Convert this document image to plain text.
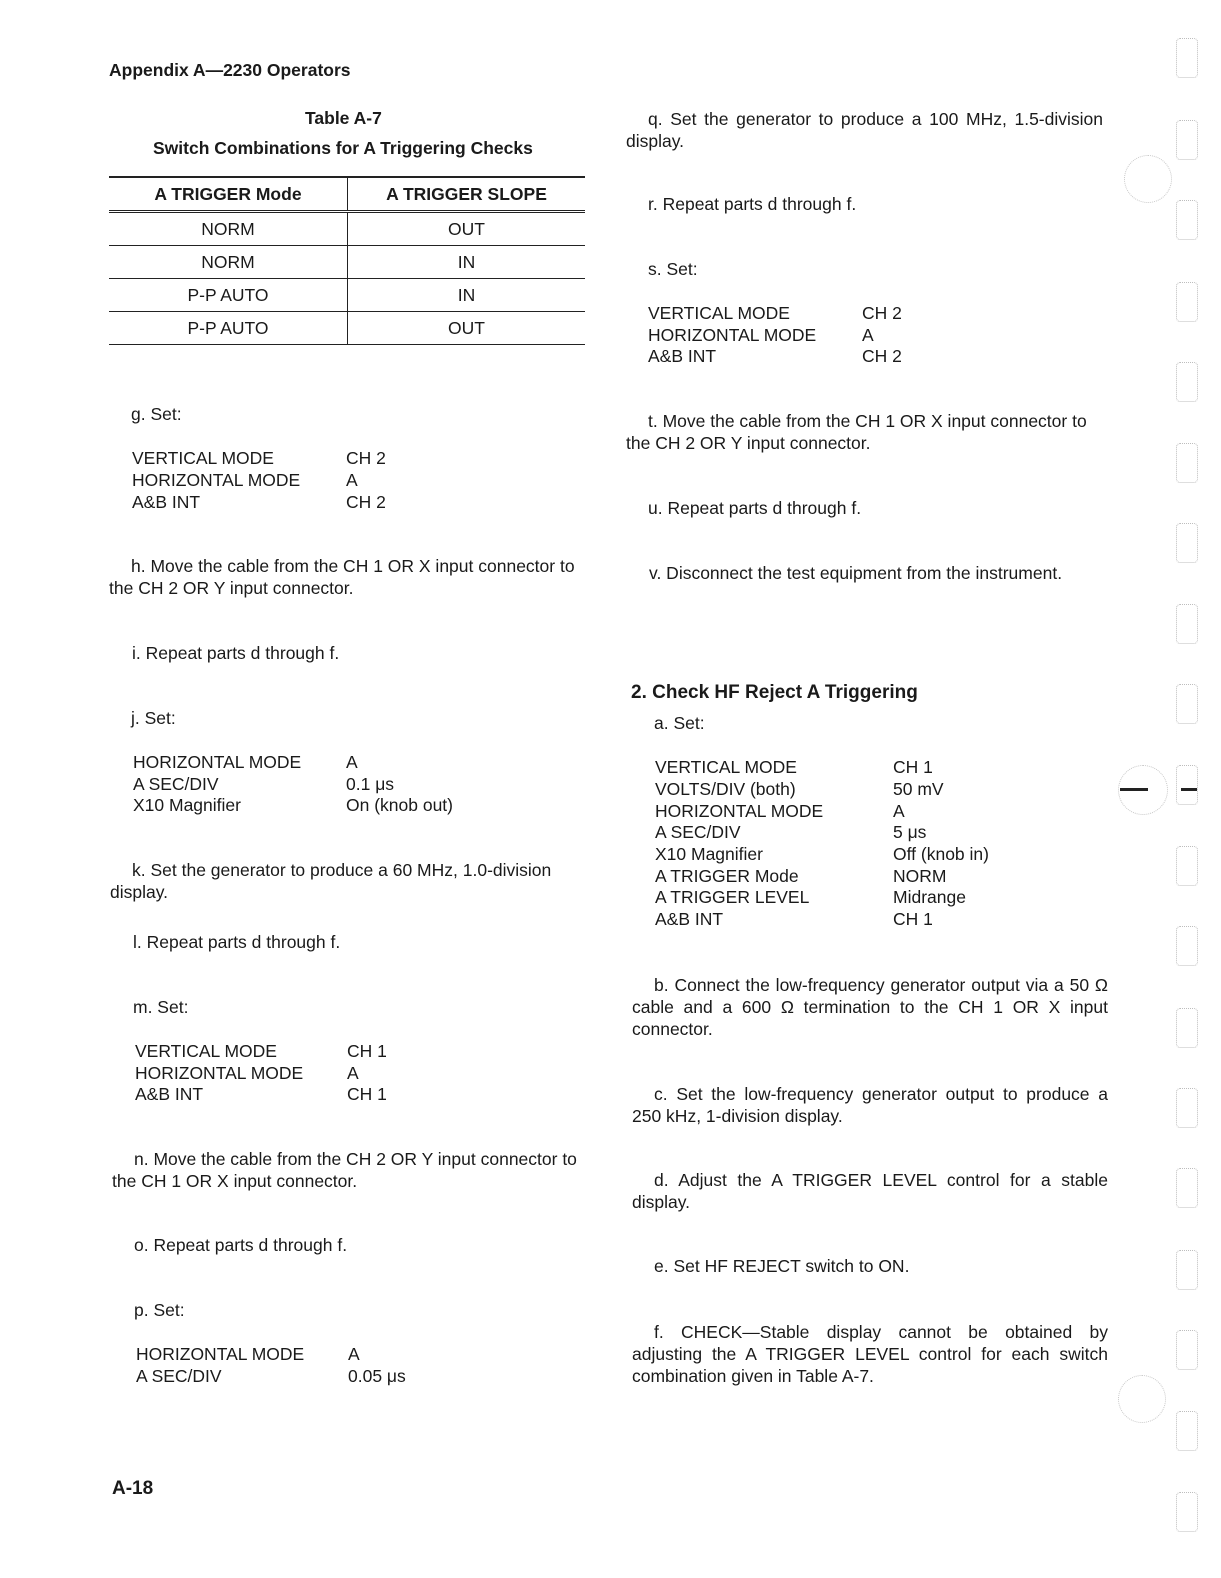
Appendix A—2230 Operators
Table A-7
Switch Combinations for A Triggering Checks
A TRIGGER Mode	A TRIGGER SLOPE
NORM	OUT
NORM	IN
P-P AUTO	IN
P-P AUTO	OUT
g. Set:
VERTICAL MODE	CH 2
HORIZONTAL MODE	A
A&B INT	CH 2
h. Move the cable from the CH 1 OR X input connector to the CH 2 OR Y input connector.
i. Repeat parts d through f.
j. Set:
HORIZONTAL MODE	A
A SEC/DIV	0.1 μs
X10 Magnifier	On (knob out)
k. Set the generator to produce a 60 MHz, 1.0-division display.
l. Repeat parts d through f.
m. Set:
VERTICAL MODE	CH 1
HORIZONTAL MODE	A
A&B INT	CH 1
n. Move the cable from the CH 2 OR Y input connector to the CH 1 OR X input connector.
o. Repeat parts d through f.
p. Set:
HORIZONTAL MODE	A
A SEC/DIV	0.05 μs
q. Set the generator to produce a 100 MHz, 1.5-division display.
r. Repeat parts d through f.
s. Set:
VERTICAL MODE	CH 2
HORIZONTAL MODE	A
A&B INT	CH 2
t. Move the cable from the CH 1 OR X input connector to the CH 2 OR Y input connector.
u. Repeat parts d through f.
v. Disconnect the test equipment from the instrument.
2. Check HF Reject A Triggering
a. Set:
VERTICAL MODE	CH 1
VOLTS/DIV (both)	50 mV
HORIZONTAL MODE	A
A SEC/DIV	5 μs
X10 Magnifier	Off (knob in)
A TRIGGER Mode	NORM
A TRIGGER LEVEL	Midrange
A&B INT	CH 1
b. Connect the low-frequency generator output via a 50 Ω cable and a 600 Ω termination to the CH 1 OR X input connector.
c. Set the low-frequency generator output to produce a 250 kHz, 1-division display.
d. Adjust the A TRIGGER LEVEL control for a stable display.
e. Set HF REJECT switch to ON.
f. CHECK—Stable display cannot be obtained by adjusting the A TRIGGER LEVEL control for each switch combination given in Table A-7.
A-18
